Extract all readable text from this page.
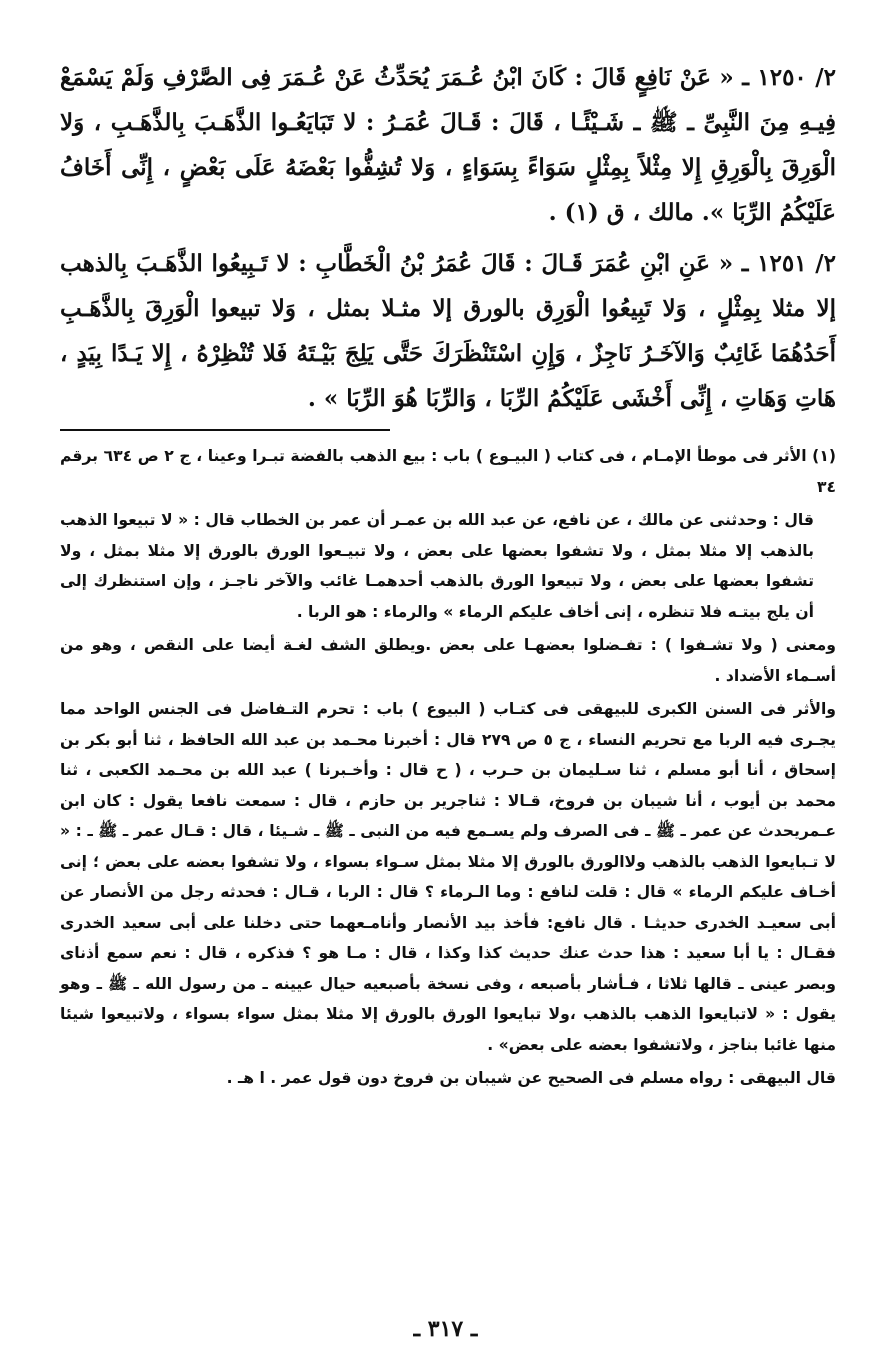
٢/ ١٢٥٠ ـ « عَنْ نَافِعٍ قَالَ : كَانَ ابْنُ عُـمَرَ يُحَدِّثُ عَنْ عُـمَرَ فِى الصَّرْفِ وَلَمْ يَسْمَعْ فِيـهِ مِنَ النَّبِىِّ ـ ﷺ ـ شَـيْئًـا ، قَالَ : قَـالَ عُمَـرُ : لا تَبَايَعُـوا الذَّهَـبَ بِالذَّهَـبِ ، وَلا الْوَرِقَ بِالْوَرِقِ إِلا مِثْلاً بِمِثْلٍ سَوَاءً بِسَوَاءٍ ، وَلا تُشِفُّوا بَعْضَهُ عَلَى بَعْضٍ ، إِنِّى أَخَافُ عَلَيْكُمُ الرِّبَا ». مالك ، ق (١) .

٢/ ١٢٥١ ـ « عَنِ ابْنِ عُمَرَ قَـالَ : قَالَ عُمَرُ بْنُ الْخَطَّابِ : لا تَـبِيعُوا الذَّهَـبَ بِالذهب إلا مثلا بِمِثْلٍ ، وَلا تَبِيعُوا الْوَرِق بالورق إلا مثـلا بمثل ، وَلا تبيعوا الْوَرِقَ بِالذَّهَـبِ أَحَدُهُمَا غَائِبٌ وَالآخَـرُ نَاجِزٌ ، وَإِنِ اسْتَنْظَرَكَ حَتَّى يَلِجَ بَيْـتَهُ فَلا تُنْظِرْهُ ، إِلا يَـدًا بِيَدٍ ، هَاتِ وَهَاتِ ، إِنِّى أَخْشَى عَلَيْكُمُ الرِّبَا ، وَالرِّبَا هُوَ الرِّبَا » .

(١) الأثر فى موطأ الإمـام ، فى كتاب ( البيـوع ) باب : بيع الذهب بالفضة تبـرا وعينا ، ج ٢ ص ٦٣٤ برقم ٣٤

قال : وحدثنى عن مالك ، عن نافع، عن عبد الله بن عمـر أن عمر بن الخطاب قال : « لا تبيعوا الذهب بالذهب إلا مثلا بمثل ، ولا تشفوا بعضها على بعض ، ولا تبيـعوا الورق بالورق إلا مثلا بمثل ، ولا تشفوا بعضها على بعض ، ولا تبيعوا الورق بالذهب أحدهمـا غائب والآخر ناجـز ، وإن استنظرك إلى أن يلج بيتـه فلا تنظره ، إنى أخاف عليكم الرماء » والرماء : هو الربا .

ومعنى ( ولا تشـفوا ) : تفـضلوا بعضهـا على بعض .ويطلق الشف لغـة أيضا على النقص ، وهو من أسـماء الأضداد .

والأثر فى السنن الكبرى للبيهقى فى كتـاب ( البيوع ) باب : تحرم التـفاضل فى الجنس الواحد مما يجـرى فيه الربا مع تحريم النساء ، ج ٥ ص ٢٧٩ قال : أخبرنا محـمد بن عبد الله الحافظ ، ثنا أبو بكر بن إسحاق ، أنا أبو مسلم ، ثنا سـليمان بن حـرب ، ( ح قال : وأخـبرنا ) عبد الله بن محـمد الكعبى ، ثنا محمد بن أيوب ، أنا شيبان بن فروخ، قـالا : ثناجرير بن حازم ، قال : سمعت نافعا يقول : كان ابن عـمريحدث عن عمر ـ ﷺ ـ فى الصرف ولم يسـمع فيه من النبى ـ ﷺ ـ شـيئا ، قال : قـال عمر ـ ﷺ ـ : « لا تـبايعوا الذهب بالذهب ولاالورق بالورق إلا مثلا بمثل سـواء بسواء ، ولا تشفوا بعضه على بعض ؛ إنى أخـاف عليكم الرماء » قال : قلت لنافع : وما الـرماء ؟ قال : الربا ، قـال : فحدثه رجل من الأنصار عن أبى سعيـد الخدرى حديثـا . قال نافع: فأخذ بيد الأنصار وأنامـعهما حتى دخلنا على أبى سعيد الخدرى فقـال : يا أبا سعيد : هذا حدث عنك حديث كذا وكذا ، قال : مـا هو ؟ فذكره ، قال : نعم سمع أذناى وبصر عينى ـ قالها ثلاثا ، فـأشار بأصبعه ، وفى نسخة بأصبعيه حيال عيينه ـ من رسول الله ـ ﷺ ـ وهو يقول : « لاتبايعوا الذهب بالذهب ،ولا تبايعوا الورق بالورق إلا مثلا بمثل سواء بسواء ، ولاتبيعوا شيئا منها غائبا بناجز ، ولاتشفوا بعضه على بعض» .

قال البيهقى : رواه مسلم فى الصحيح عن شيبان بن فروخ دون قول عمر . ا هـ .

ـ ٣١٧ ـ
